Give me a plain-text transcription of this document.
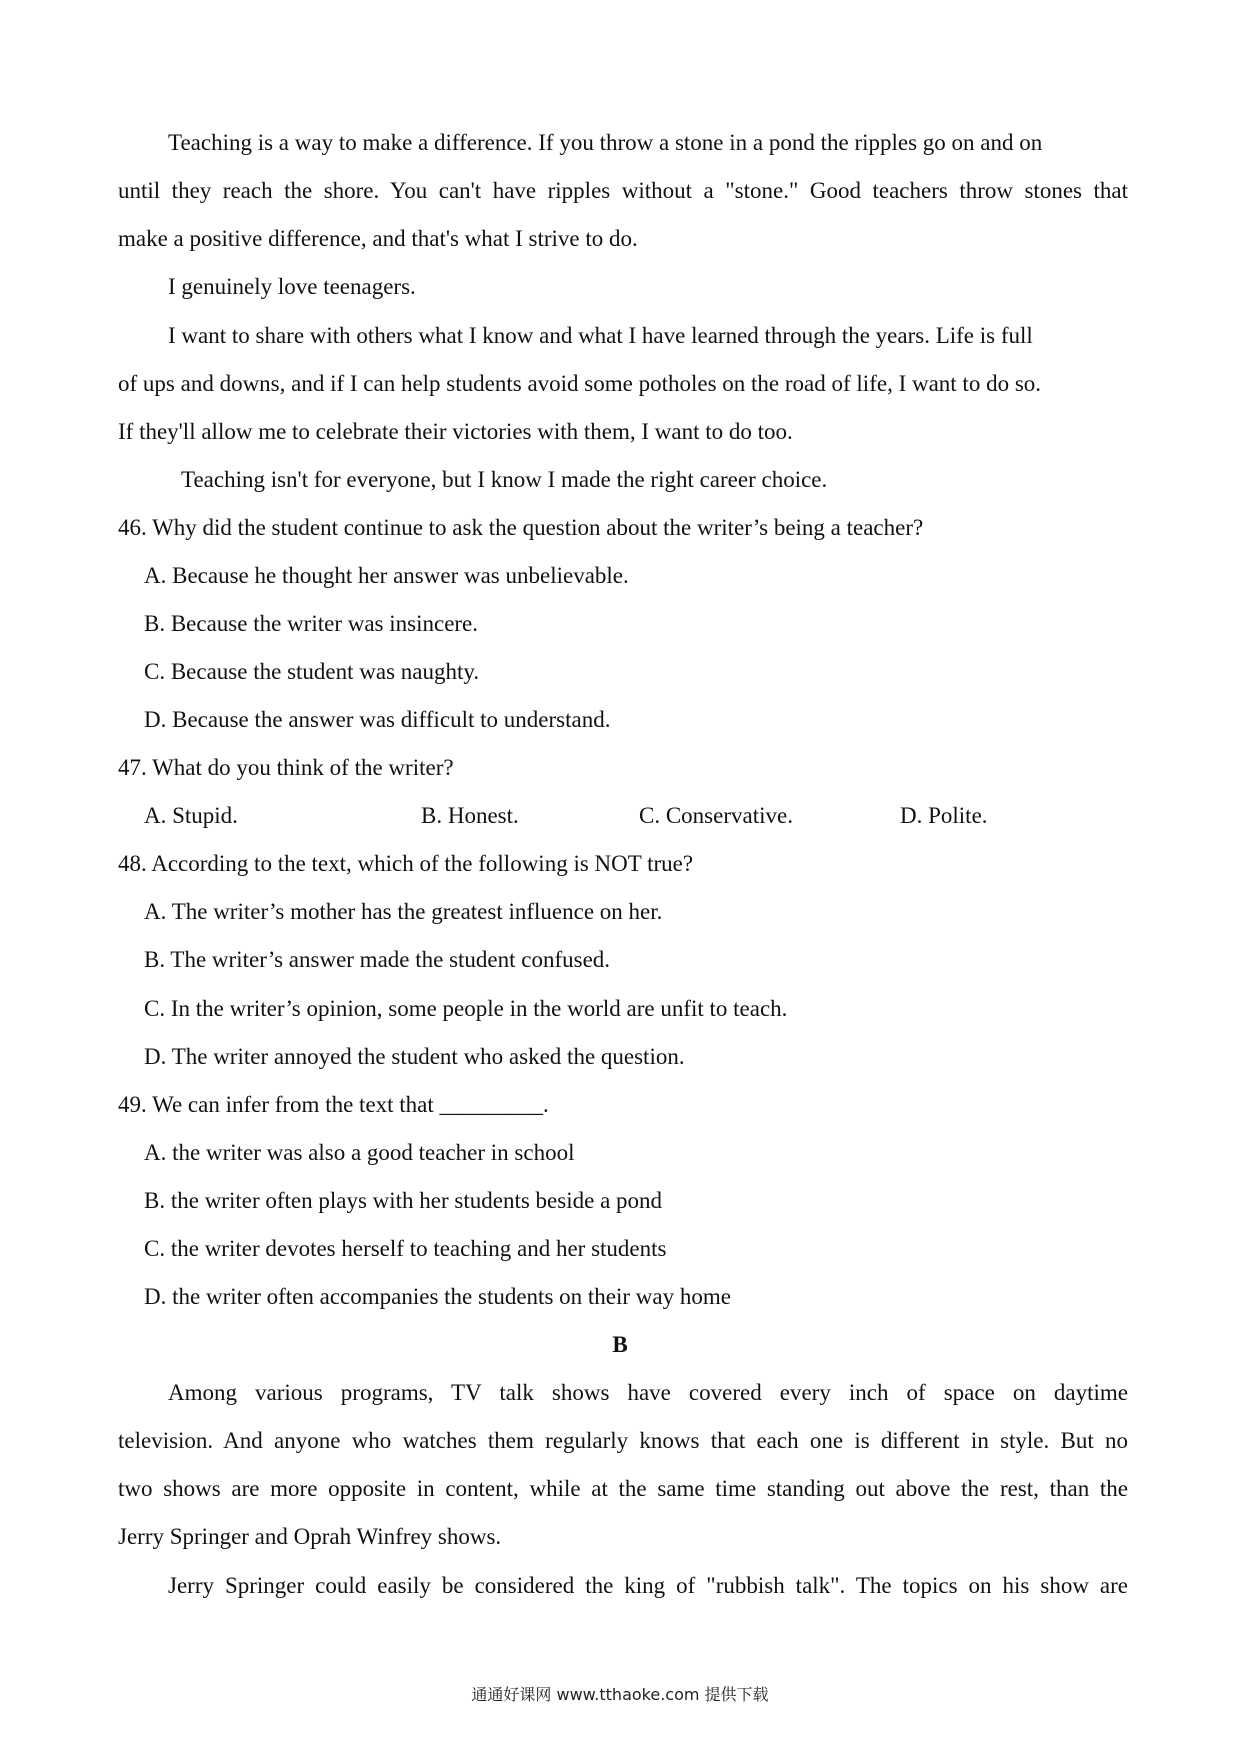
Teaching is a way to make a difference. If you throw a stone in a pond the ripples go on and on
until they reach the shore. You can't have ripples without a "stone." Good teachers throw stones that
make a positive difference, and that's what I strive to do.
I genuinely love teenagers.
I want to share with others what I know and what I have learned through the years. Life is full
of ups and downs, and if I can help students avoid some potholes on the road of life, I want to do so.
If they'll allow me to celebrate their victories with them, I want to do too.
Teaching isn't for everyone, but I know I made the right career choice.
46. Why did the student continue to ask the question about the writer’s being a teacher?
A. Because he thought her answer was unbelievable.
B. Because the writer was insincere.
C. Because the student was naughty.
D. Because the answer was difficult to understand.
47. What do you think of the writer?
A. Stupid.	B. Honest.	C. Conservative.	D. Polite.
48. According to the text, which of the following is NOT true?
A. The writer’s mother has the greatest influence on her.
B. The writer’s answer made the student confused.
C. In the writer’s opinion, some people in the world are unfit to teach.
D. The writer annoyed the student who asked the question.
49. We can infer from the text that _________.
A. the writer was also a good teacher in school
B. the writer often plays with her students beside a pond
C. the writer devotes herself to teaching and her students
D. the writer often accompanies the students on their way home
B
Among various programs, TV talk shows have covered every inch of space on daytime
television. And anyone who watches them regularly knows that each one is different in style. But no
two shows are more opposite in content, while at the same time standing out above the rest, than the
Jerry Springer and Oprah Winfrey shows.
Jerry Springer could easily be considered the king of "rubbish talk". The topics on his show are
通通好课网 www.tthaoke.com 提供下载
